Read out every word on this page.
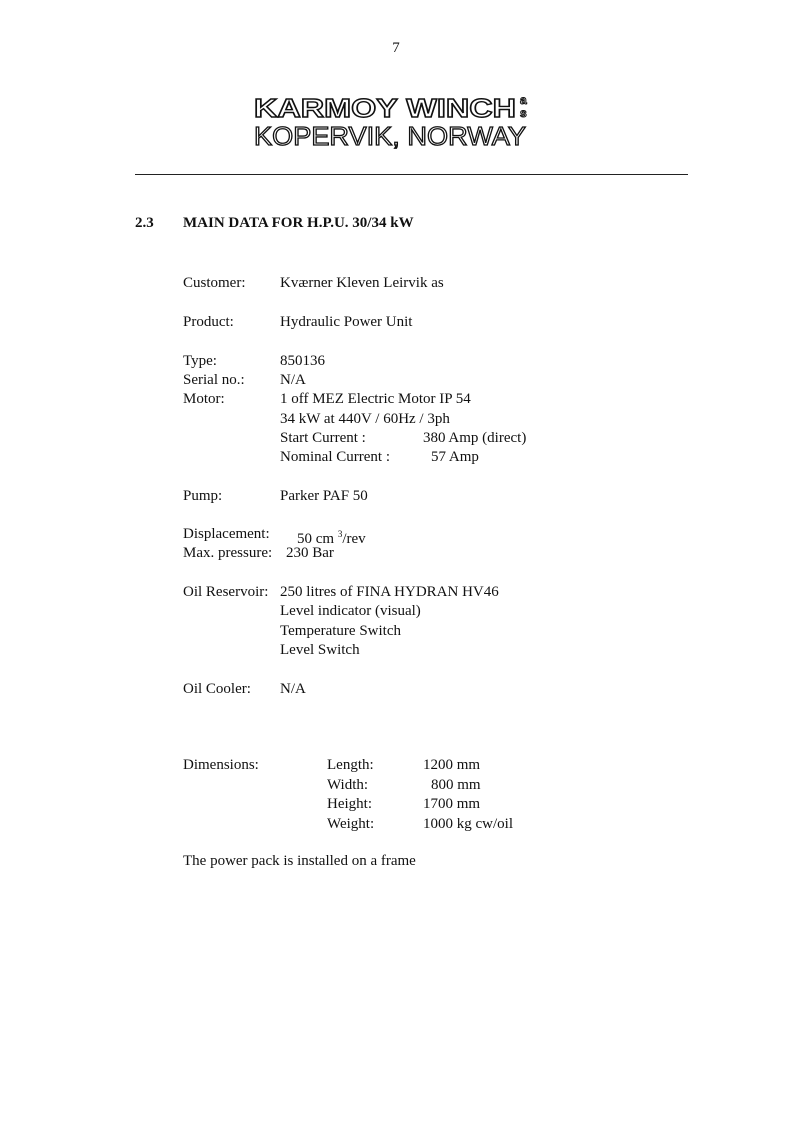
7
KARMOY WINCH a
s
KOPERVIK, NORWAY
2.3 MAIN DATA FOR H.P.U. 30/34 kW
Customer: Kværner Kleven Leirvik as
Product:	Hydraulic Power Unit
Type:	850136
Serial no.: N/A
Motor:	1 off MEZ Electric Motor IP 54
34 kW at 440V / 60Hz / 3ph
Start Current :	380 Amp (direct)
Nominal Current :	57 Amp
Pump:	Parker PAF 50
Displacement: 50 cm $^3$/rev
Max. pressure: 230 Bar
Oil Reservoir: 250 litres of FINA HYDRAN HV46
Level indicator (visual)
Temperature Switch
Level Switch
Oil Cooler: N/A
Dimensions:	Length:	1200 mm
Width:	800 mm
Height:	1700 mm
Weight:	1000 kg cw/oil
The power pack is installed on a frame
